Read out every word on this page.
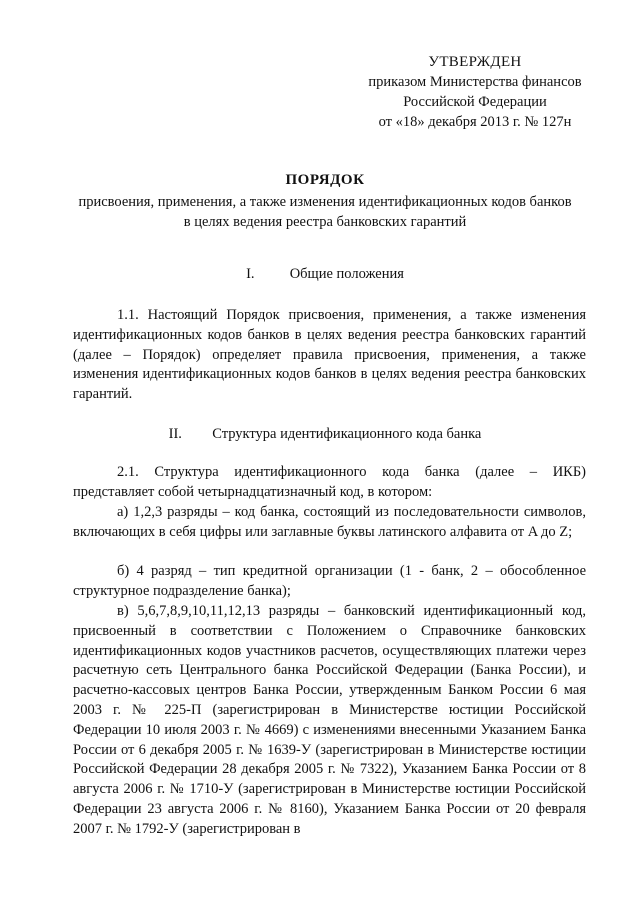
УТВЕРЖДЕН
приказом Министерства финансов
Российской Федерации
от «18» декабря 2013 г. № 127н
ПОРЯДОК
присвоения, применения, а также изменения идентификационных кодов банков
в целях ведения реестра банковских гарантий
I. Общие положения
1.1. Настоящий Порядок присвоения, применения, а также изменения идентификационных кодов банков в целях ведения реестра банковских гарантий (далее – Порядок) определяет правила присвоения, применения, а также изменения идентификационных кодов банков в целях ведения реестра банковских гарантий.
II. Структура идентификационного кода банка
2.1. Структура идентификационного кода банка (далее – ИКБ) представляет собой четырнадцатизначный код, в котором:
а) 1,2,3 разряды – код банка, состоящий из последовательности символов, включающих в себя цифры или заглавные буквы латинского алфавита от A до Z;
б) 4 разряд – тип кредитной организации (1 - банк, 2 – обособленное структурное подразделение банка);
в) 5,6,7,8,9,10,11,12,13 разряды – банковский идентификационный код, присвоенный в соответствии с Положением о Справочнике банковских идентификационных кодов участников расчетов, осуществляющих платежи через расчетную сеть Центрального банка Российской Федерации (Банка России), и расчетно-кассовых центров Банка России, утвержденным Банком России 6 мая 2003 г. № 225-П (зарегистрирован в Министерстве юстиции Российской Федерации 10 июля 2003 г. № 4669) с изменениями внесенными Указанием Банка России от 6 декабря 2005 г. № 1639-У (зарегистрирован в Министерстве юстиции Российской Федерации 28 декабря 2005 г. № 7322), Указанием Банка России от 8 августа 2006 г. № 1710-У (зарегистрирован в Министерстве юстиции Российской Федерации 23 августа 2006 г. № 8160), Указанием Банка России от 20 февраля 2007 г. № 1792-У (зарегистрирован в
